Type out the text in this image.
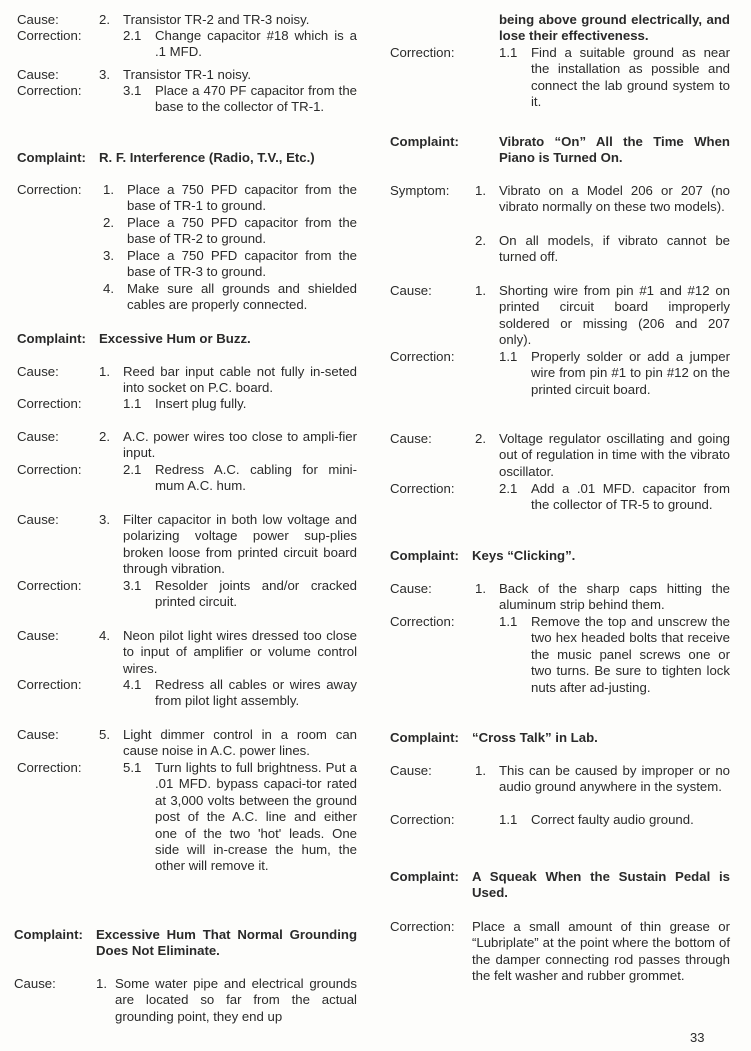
Cause:	2. Transistor TR-2 and TR-3 noisy.
Correction:	2.1	Change capacitor #18 which is a .1 MFD.
Cause:	3. Transistor TR-1 noisy.
Correction:	3.1	Place a 470 PF capacitor from the base to the collector of TR-1.
Complaint: R. F. Interference (Radio, T.V., Etc.)
Correction:	1. Place a 750 PFD capacitor from the base of TR-1 to ground.
2. Place a 750 PFD capacitor from the base of TR-2 to ground.
3. Place a 750 PFD capacitor from the base of TR-3 to ground.
4. Make sure all grounds and shielded cables are properly connected.
Complaint: Excessive Hum or Buzz.
Cause:	1. Reed bar input cable not fully in-seted into socket on P.C. board.
Correction:	1.1	Insert plug fully.
Cause:	2. A.C. power wires too close to ampli-fier input.
Correction:	2.1	Redress A.C. cabling for mini-mum A.C. hum.
Cause:	3. Filter capacitor in both low voltage and polarizing voltage power sup-plies broken loose from printed circuit board through vibration.
Correction:	3.1	Resolder joints and/or cracked printed circuit.
Cause:	4. Neon pilot light wires dressed too close to input of amplifier or volume control wires.
Correction:	4.1	Redress all cables or wires away from pilot light assembly.
Cause:	5. Light dimmer control in a room can cause noise in A.C. power lines.
Correction:	5.1	Turn lights to full brightness. Put a .01 MFD. bypass capaci-tor rated at 3,000 volts between the ground post of the A.C. line and either one of the two 'hot' leads. One side will in-crease the hum, the other will remove it.
Complaint: Excessive Hum That Normal Grounding Does Not Eliminate.
Cause:	1. Some water pipe and electrical grounds are located so far from the actual grounding point, they end up
being above ground electrically, and lose their effectiveness.
Correction:	1.1	Find a suitable ground as near the installation as possible and connect the lab ground system to it.
Complaint:	Vibrato “On” All the Time When Piano is Turned On.
Symptom:	1. Vibrato on a Model 206 or 207 (no vibrato normally on these two models).
2. On all models, if vibrato cannot be turned off.
Cause:	1. Shorting wire from pin #1 and #12 on printed circuit board improperly soldered or missing (206 and 207 only).
Correction:	1.1	Properly solder or add a jumper wire from pin #1 to pin #12 on the printed circuit board.
Cause:	2. Voltage regulator oscillating and going out of regulation in time with the vibrato oscillator.
Correction:	2.1	Add a .01 MFD. capacitor from the collector of TR-5 to ground.
Complaint: Keys “Clicking”.
Cause:	1. Back of the sharp caps hitting the aluminum strip behind them.
Correction:	1.1	Remove the top and unscrew the two hex headed bolts that receive the music panel screws one or two turns. Be sure to tighten lock nuts after ad-justing.
Complaint: “Cross Talk” in Lab.
Cause:	1. This can be caused by improper or no audio ground anywhere in the system.
Correction:	1.1	Correct faulty audio ground.
Complaint: A Squeak When the Sustain Pedal is Used.
Correction:	Place a small amount of thin grease or “Lubriplate” at the point where the bottom of the damper connecting rod passes through the felt washer and rubber grommet.
33
